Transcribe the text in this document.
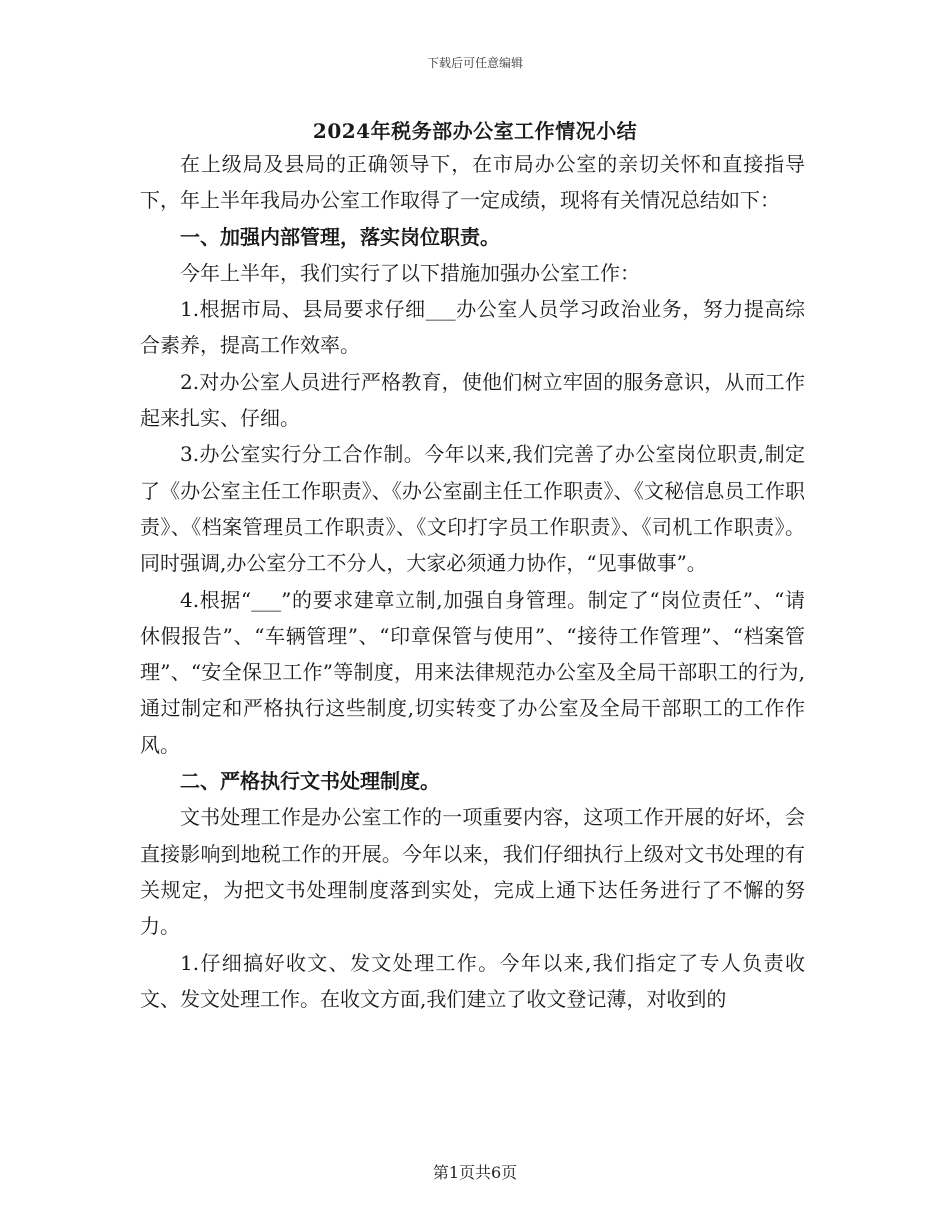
下载后可任意编辑
2024年税务部办公室工作情况小结

在上级局及县局的正确领导下，在市局办公室的亲切关怀和直接指导下，年上半年我局办公室工作取得了一定成绩，现将有关情况总结如下：

一、加强内部管理，落实岗位职责。

今年上半年，我们实行了以下措施加强办公室工作：

1.根据市局、县局要求仔细___办公室人员学习政治业务，努力提高综合素养，提高工作效率。

2.对办公室人员进行严格教育，使他们树立牢固的服务意识，从而工作起来扎实、仔细。

3.办公室实行分工合作制。今年以来,我们完善了办公室岗位职责,制定了《办公室主任工作职责》、《办公室副主任工作职责》、《文秘信息员工作职责》、《档案管理员工作职责》、《文印打字员工作职责》、《司机工作职责》。同时强调,办公室分工不分人，大家必须通力协作，“见事做事”。

4.根据“___”的要求建章立制,加强自身管理。制定了“岗位责任”、“请休假报告”、“车辆管理”、“印章保管与使用”、“接待工作管理”、“档案管理”、“安全保卫工作”等制度，用来法律规范办公室及全局干部职工的行为,通过制定和严格执行这些制度,切实转变了办公室及全局干部职工的工作作风。

二、严格执行文书处理制度。

文书处理工作是办公室工作的一项重要内容，这项工作开展的好坏，会直接影响到地税工作的开展。今年以来，我们仔细执行上级对文书处理的有关规定，为把文书处理制度落到实处，完成上通下达任务进行了不懈的努力。

1.仔细搞好收文、发文处理工作。今年以来,我们指定了专人负责收文、发文处理工作。在收文方面,我们建立了收文登记薄，对收到的

第1页共6页
